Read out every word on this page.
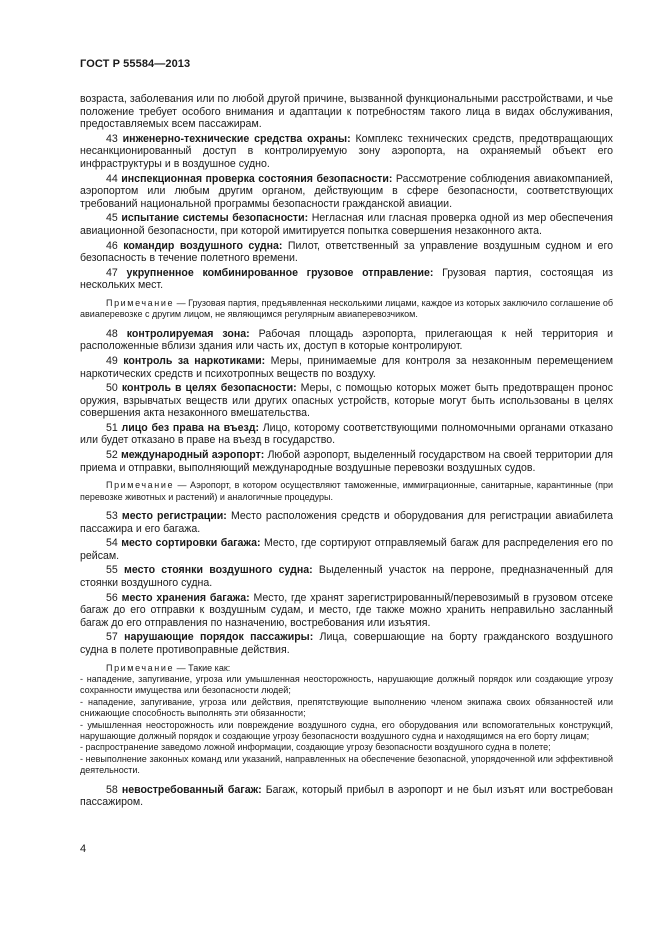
ГОСТ Р 55584—2013

возраста, заболевания или по любой другой причине, вызванной функциональными расстройствами, и чье положение требует особого внимания и адаптации к потребностям такого лица в видах обслуживания, предоставляемых всем пассажирам.

43 инженерно-технические средства охраны: Комплекс технических средств, предотвращающих несанкционированный доступ в контролируемую зону аэропорта, на охраняемый объект его инфраструктуры и в воздушное судно.

44 инспекционная проверка состояния безопасности: Рассмотрение соблюдения авиакомпанией, аэропортом или любым другим органом, действующим в сфере безопасности, соответствующих требований национальной программы безопасности гражданской авиации.

45 испытание системы безопасности: Негласная или гласная проверка одной из мер обеспечения авиационной безопасности, при которой имитируется попытка совершения незаконного акта.

46 командир воздушного судна: Пилот, ответственный за управление воздушным судном и его безопасность в течение полетного времени.

47 укрупненное комбинированное грузовое отправление: Грузовая партия, состоящая из нескольких мест.

Примечание — Грузовая партия, предъявленная несколькими лицами, каждое из которых заключило соглашение об авиаперевозке с другим лицом, не являющимся регулярным авиаперевозчиком.

48 контролируемая зона: Рабочая площадь аэропорта, прилегающая к ней территория и расположенные вблизи здания или часть их, доступ в которые контролируют.

49 контроль за наркотиками: Меры, принимаемые для контроля за незаконным перемещением наркотических средств и психотропных веществ по воздуху.

50 контроль в целях безопасности: Меры, с помощью которых может быть предотвращен пронос оружия, взрывчатых веществ или других опасных устройств, которые могут быть использованы в целях совершения акта незаконного вмешательства.

51 лицо без права на въезд: Лицо, которому соответствующими полномочными органами отказано или будет отказано в праве на въезд в государство.

52 международный аэропорт: Любой аэропорт, выделенный государством на своей территории для приема и отправки, выполняющий международные воздушные перевозки воздушных судов.

Примечание — Аэропорт, в котором осуществляют таможенные, иммиграционные, санитарные, карантинные (при перевозке животных и растений) и аналогичные процедуры.

53 место регистрации: Место расположения средств и оборудования для регистрации авиабилета пассажира и его багажа.

54 место сортировки багажа: Место, где сортируют отправляемый багаж для распределения его по рейсам.

55 место стоянки воздушного судна: Выделенный участок на перроне, предназначенный для стоянки воздушного судна.

56 место хранения багажа: Место, где хранят зарегистрированный/перевозимый в грузовом отсеке багаж до его отправки к воздушным судам, и место, где также можно хранить неправильно засланный багаж до его отправления по назначению, востребования или изъятия.

57 нарушающие порядок пассажиры: Лица, совершающие на борту гражданского воздушного судна в полете противоправные действия.

Примечание — Такие как:

- нападение, запугивание, угроза или умышленная неосторожность, нарушающие должный порядок или создающие угрозу сохранности имущества или безопасности людей;

- нападение, запугивание, угроза или действия, препятствующие выполнению членом экипажа своих обязанностей или снижающие способность выполнять эти обязанности;

- умышленная неосторожность или повреждение воздушного судна, его оборудования или вспомогательных конструкций, нарушающие должный порядок и создающие угрозу безопасности воздушного судна и находящимся на его борту лицам;

- распространение заведомо ложной информации, создающие угрозу безопасности воздушного судна в полете;

- невыполнение законных команд или указаний, направленных на обеспечение безопасной, упорядоченной или эффективной деятельности.

58 невостребованный багаж: Багаж, который прибыл в аэропорт и не был изъят или востребован пассажиром.

4
